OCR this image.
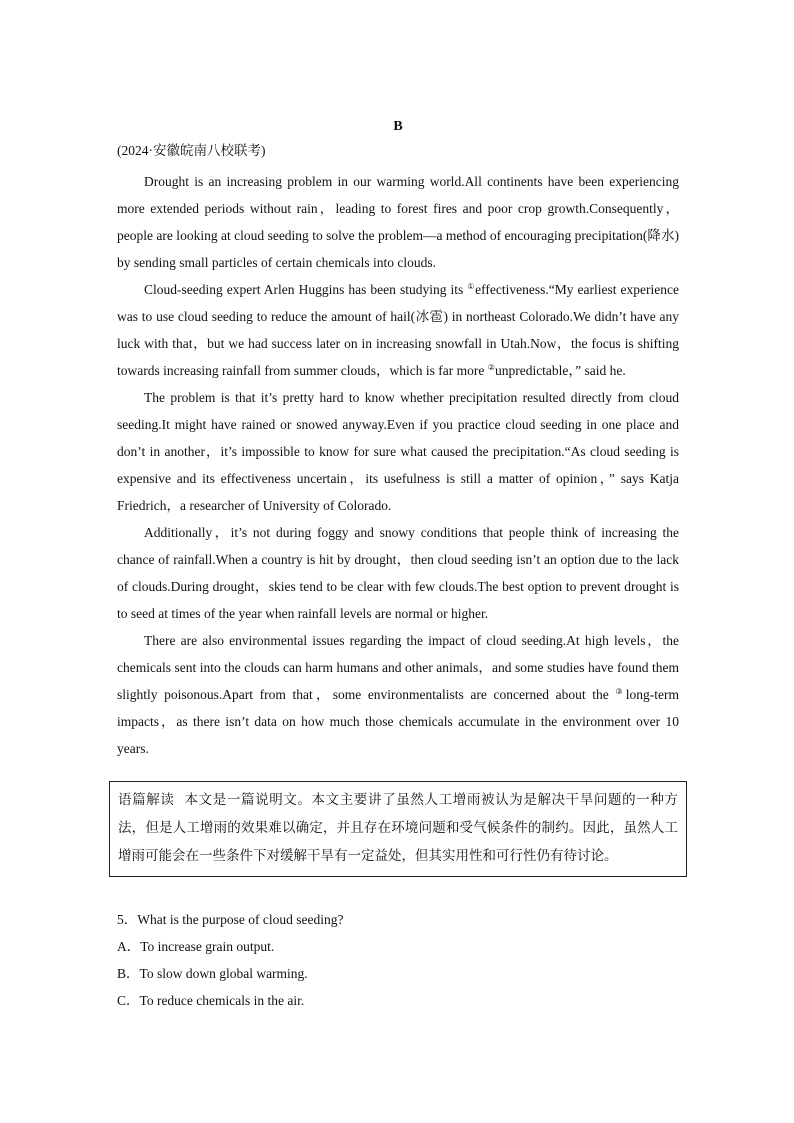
B
(2024·安徽皖南八校联考)

Drought is an increasing problem in our warming world.All continents have been experiencing more extended periods without rain，leading to forest fires and poor crop growth.Consequently，people are looking at cloud seeding to solve the problem—a method of encouraging precipitation(降水) by sending small particles of certain chemicals into clouds.

Cloud-seeding expert Arlen Huggins has been studying its ①effectiveness.“My earliest experience was to use cloud seeding to reduce the amount of hail(冰雹) in northeast Colorado.We didn’t have any luck with that，but we had success later on in increasing snowfall in Utah.Now，the focus is shifting towards increasing rainfall from summer clouds，which is far more ②unpredictable，” said he.

The problem is that it’s pretty hard to know whether precipitation resulted directly from cloud seeding.It might have rained or snowed anyway.Even if you practice cloud seeding in one place and don’t in another，it’s impossible to know for sure what caused the precipitation.“As cloud seeding is expensive and its effectiveness uncertain，its usefulness is still a matter of opinion，” says Katja Friedrich，a researcher of University of Colorado.

Additionally，it’s not during foggy and snowy conditions that people think of increasing the chance of rainfall.When a country is hit by drought，then cloud seeding isn’t an option due to the lack of clouds.During drought，skies tend to be clear with few clouds.The best option to prevent drought is to seed at times of the year when rainfall levels are normal or higher.

There are also environmental issues regarding the impact of cloud seeding.At high levels，the chemicals sent into the clouds can harm humans and other animals，and some studies have found them slightly poisonous.Apart from that，some environmentalists are concerned about the ③long-term impacts，as there isn’t data on how much those chemicals accumulate in the environment over 10 years.

语篇解读 本文是一篇说明文。本文主要讲了虽然人工增雨被认为是解决干旱问题的一种方法，但是人工增雨的效果难以确定，并且存在环境问题和受气候条件的制约。因此，虽然人工增雨可能会在一些条件下对缓解干旱有一定益处，但其实用性和可行性仍有待讨论。

5．What is the purpose of cloud seeding?

A．To increase grain output.

B．To slow down global warming.

C．To reduce chemicals in the air.
